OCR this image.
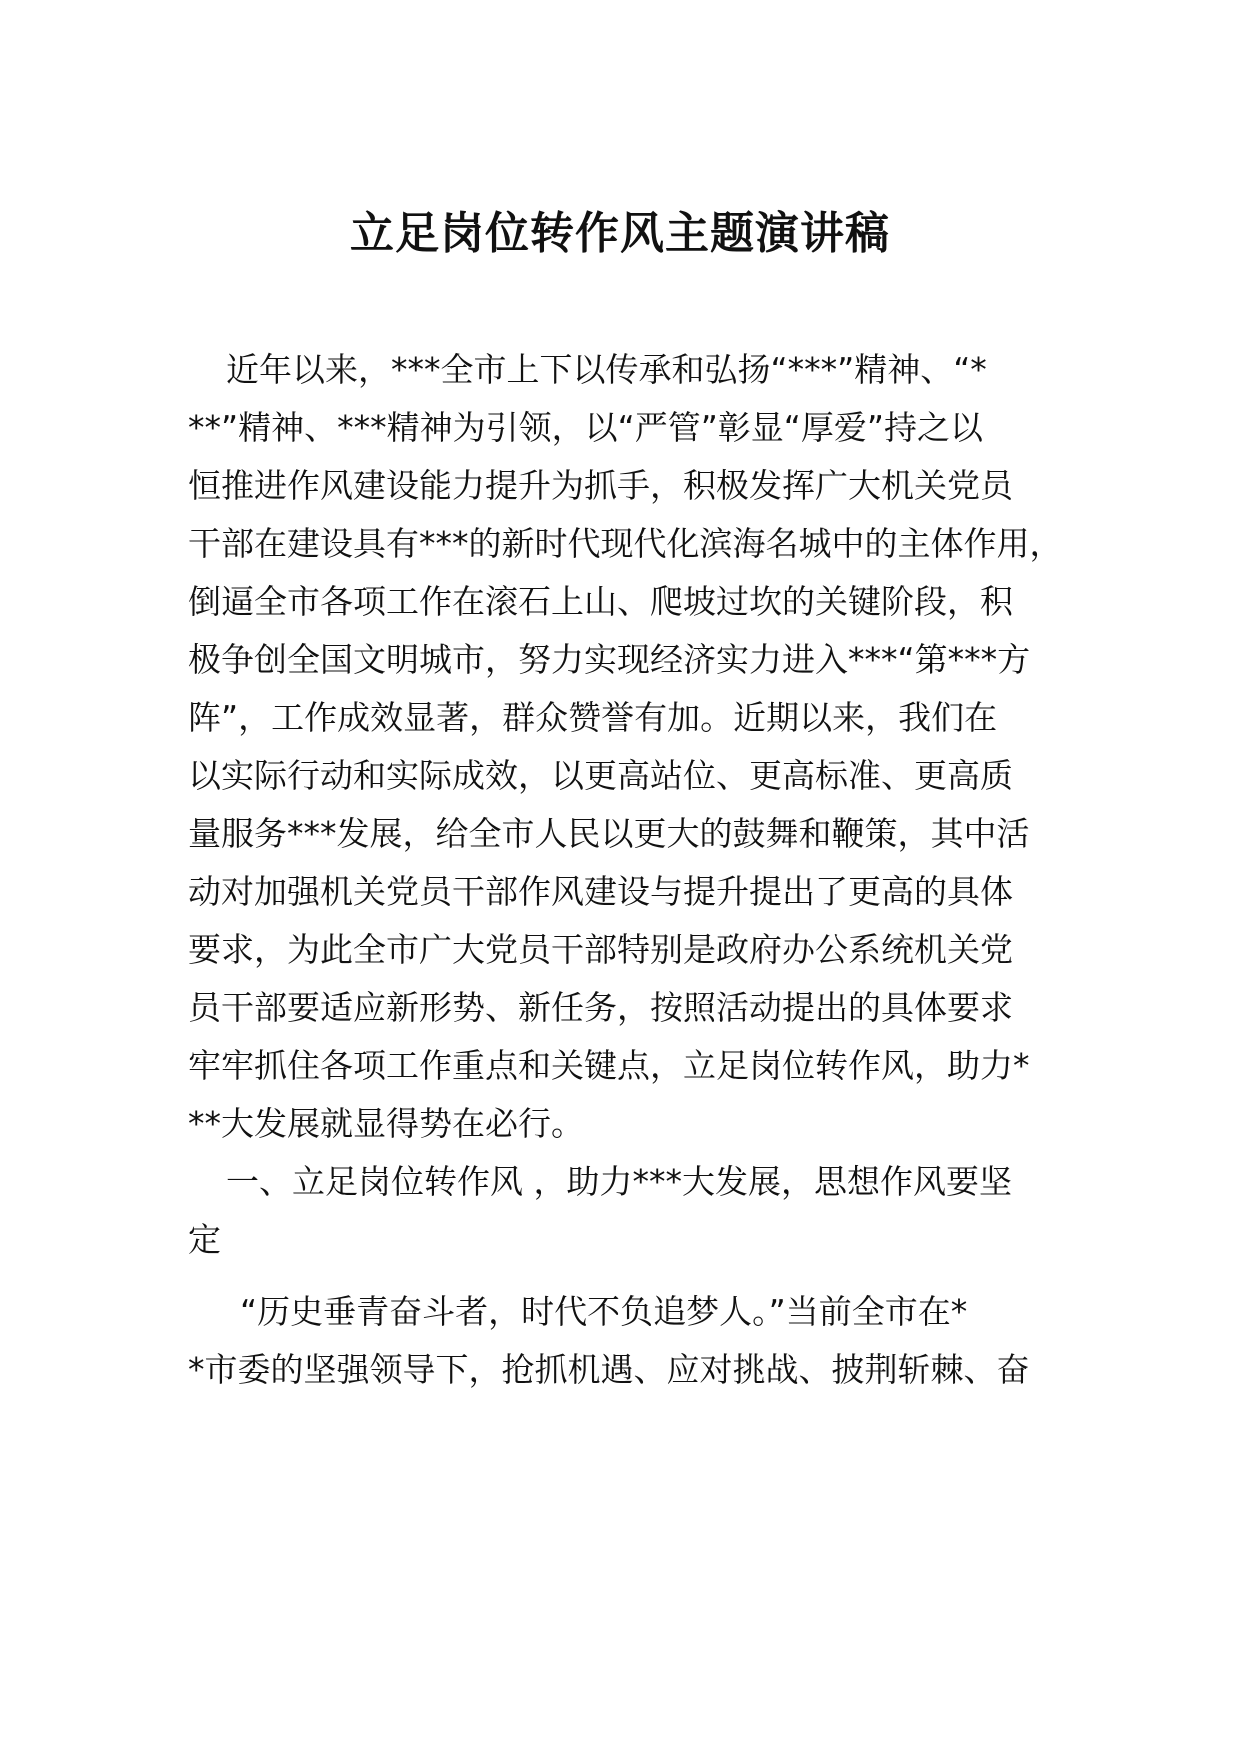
立足岗位转作风主题演讲稿
近年以来，***全市上下以传承和弘扬“***”精神、“*
**”精神、***精神为引领，以“严管”彰显“厚爱”持之以
恒推进作风建设能力提升为抓手，积极发挥广大机关党员
干部在建设具有***的新时代现代化滨海名城中的主体作用，
倒逼全市各项工作在滚石上山、爬坡过坎的关键阶段，积
极争创全国文明城市，努力实现经济实力进入***“第***方
阵”，工作成效显著，群众赞誉有加。近期以来，我们在
以实际行动和实际成效，以更高站位、更高标准、更高质
量服务***发展，给全市人民以更大的鼓舞和鞭策，其中活
动对加强机关党员干部作风建设与提升提出了更高的具体
要求，为此全市广大党员干部特别是政府办公系统机关党
员干部要适应新形势、新任务，按照活动提出的具体要求
牢牢抓住各项工作重点和关键点，立足岗位转作风，助力*
**大发展就显得势在必行。
一、立足岗位转作风 ，助力***大发展，思想作风要坚
定
“历史垂青奋斗者，时代不负追梦人。”当前全市在*
*市委的坚强领导下，抢抓机遇、应对挑战、披荆斩棘、奋
